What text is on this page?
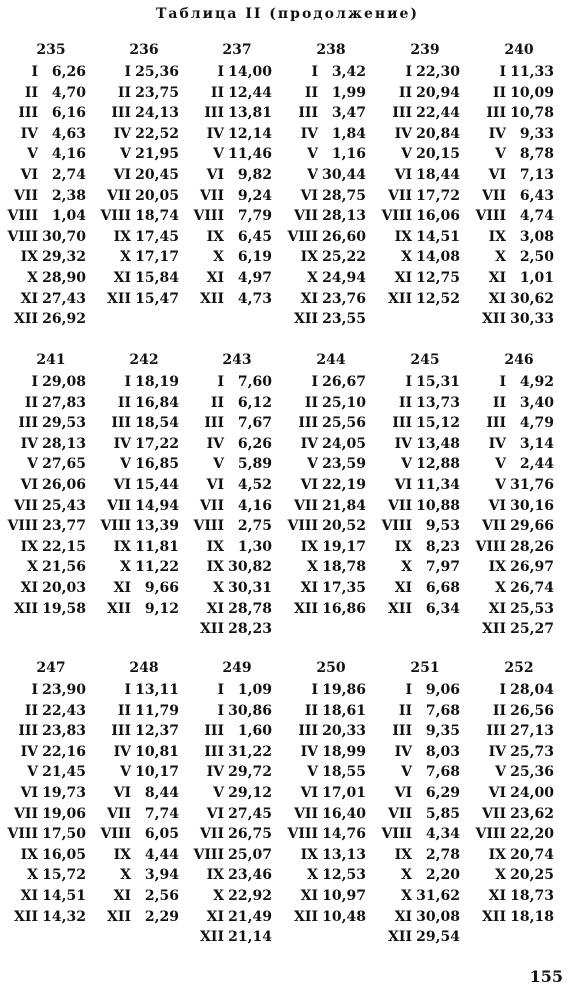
Таблица II (продолжение)
235
I 6,26
II 4,70
III 6,16
IV 4,63
V 4,16
VI 2,74
VII 2,38
VIII 1,04
VIII 30,70
IX 29,32
X 28,90
XI 27,43
XII 26,92
236
I 25,36
II 23,75
III 24,13
IV 22,52
V 21,95
VI 20,45
VII 20,05
VIII 18,74
IX 17,45
X 17,17
XI 15,84
XII 15,47
237
I 14,00
II 12,44
III 13,81
IV 12,14
V 11,46
VI 9,82
VII 9,24
VIII 7,79
IX 6,45
X 6,19
XI 4,97
XII 4,73
238
I 3,42
II 1,99
III 3,47
IV 1,84
V 1,16
V 30,44
VI 28,75
VII 28,13
VIII 26,60
IX 25,22
X 24,94
XI 23,76
XII 23,55
239
I 22,30
II 20,94
III 22,44
IV 20,84
V 20,15
VI 18,44
VII 17,72
VIII 16,06
IX 14,51
X 14,08
XI 12,75
XII 12,52
240
I 11,33
II 10,09
III 10,78
IV 9,33
V 8,78
VI 7,13
VII 6,43
VIII 4,74
IX 3,08
X 2,50
XI 1,01
XI 30,62
XII 30,33
241
I 29,08
II 27,83
III 29,53
IV 28,13
V 27,65
VI 26,06
VII 25,43
VIII 23,77
IX 22,15
X 21,56
XI 20,03
XII 19,58
242
I 18,19
II 16,84
III 18,54
IV 17,22
V 16,85
VI 15,44
VII 14,94
VIII 13,39
IX 11,81
X 11,22
XI 9,66
XII 9,12
243
I 7,60
II 6,12
III 7,67
IV 6,26
V 5,89
VI 4,52
VII 4,16
VIII 2,75
IX 1,30
IX 30,82
X 30,31
XI 28,78
XII 28,23
244
I 26,67
II 25,10
III 25,56
IV 24,05
V 23,59
VI 22,19
VII 21,84
VIII 20,52
IX 19,17
X 18,78
XI 17,35
XII 16,86
245
I 15,31
II 13,73
III 15,12
IV 13,48
V 12,88
VI 11,34
VII 10,88
VIII 9,53
IX 8,23
X 7,97
XI 6,68
XII 6,34
246
I 4,92
II 3,40
III 4,79
IV 3,14
V 2,44
V 31,76
VI 30,16
VII 29,66
VIII 28,26
IX 26,97
X 26,74
XI 25,53
XII 25,27
247
I 23,90
II 22,43
III 23,83
IV 22,16
V 21,45
VI 19,73
VII 19,06
VIII 17,50
IX 16,05
X 15,72
XI 14,51
XII 14,32
248
I 13,11
II 11,79
III 12,37
IV 10,81
V 10,17
VI 8,44
VII 7,74
VIII 6,05
IX 4,44
X 3,94
XI 2,56
XII 2,29
249
I 1,09
I 30,86
III 1,60
III 31,22
IV 29,72
V 29,12
VI 27,45
VII 26,75
VIII 25,07
IX 23,46
X 22,92
XI 21,49
XII 21,14
250
I 19,86
II 18,61
III 20,33
IV 18,99
V 18,55
VI 17,01
VII 16,40
VIII 14,76
IX 13,13
X 12,53
XI 10,97
XII 10,48
251
I 9,06
II 7,68
III 9,35
IV 8,03
V 7,68
VI 6,29
VII 5,85
VIII 4,34
IX 2,78
X 2,20
X 31,62
XI 30,08
XII 29,54
252
I 28,04
II 26,56
III 27,13
IV 25,73
V 25,36
VI 24,00
VII 23,62
VIII 22,20
IX 20,74
X 20,25
XI 18,73
XII 18,18
155
